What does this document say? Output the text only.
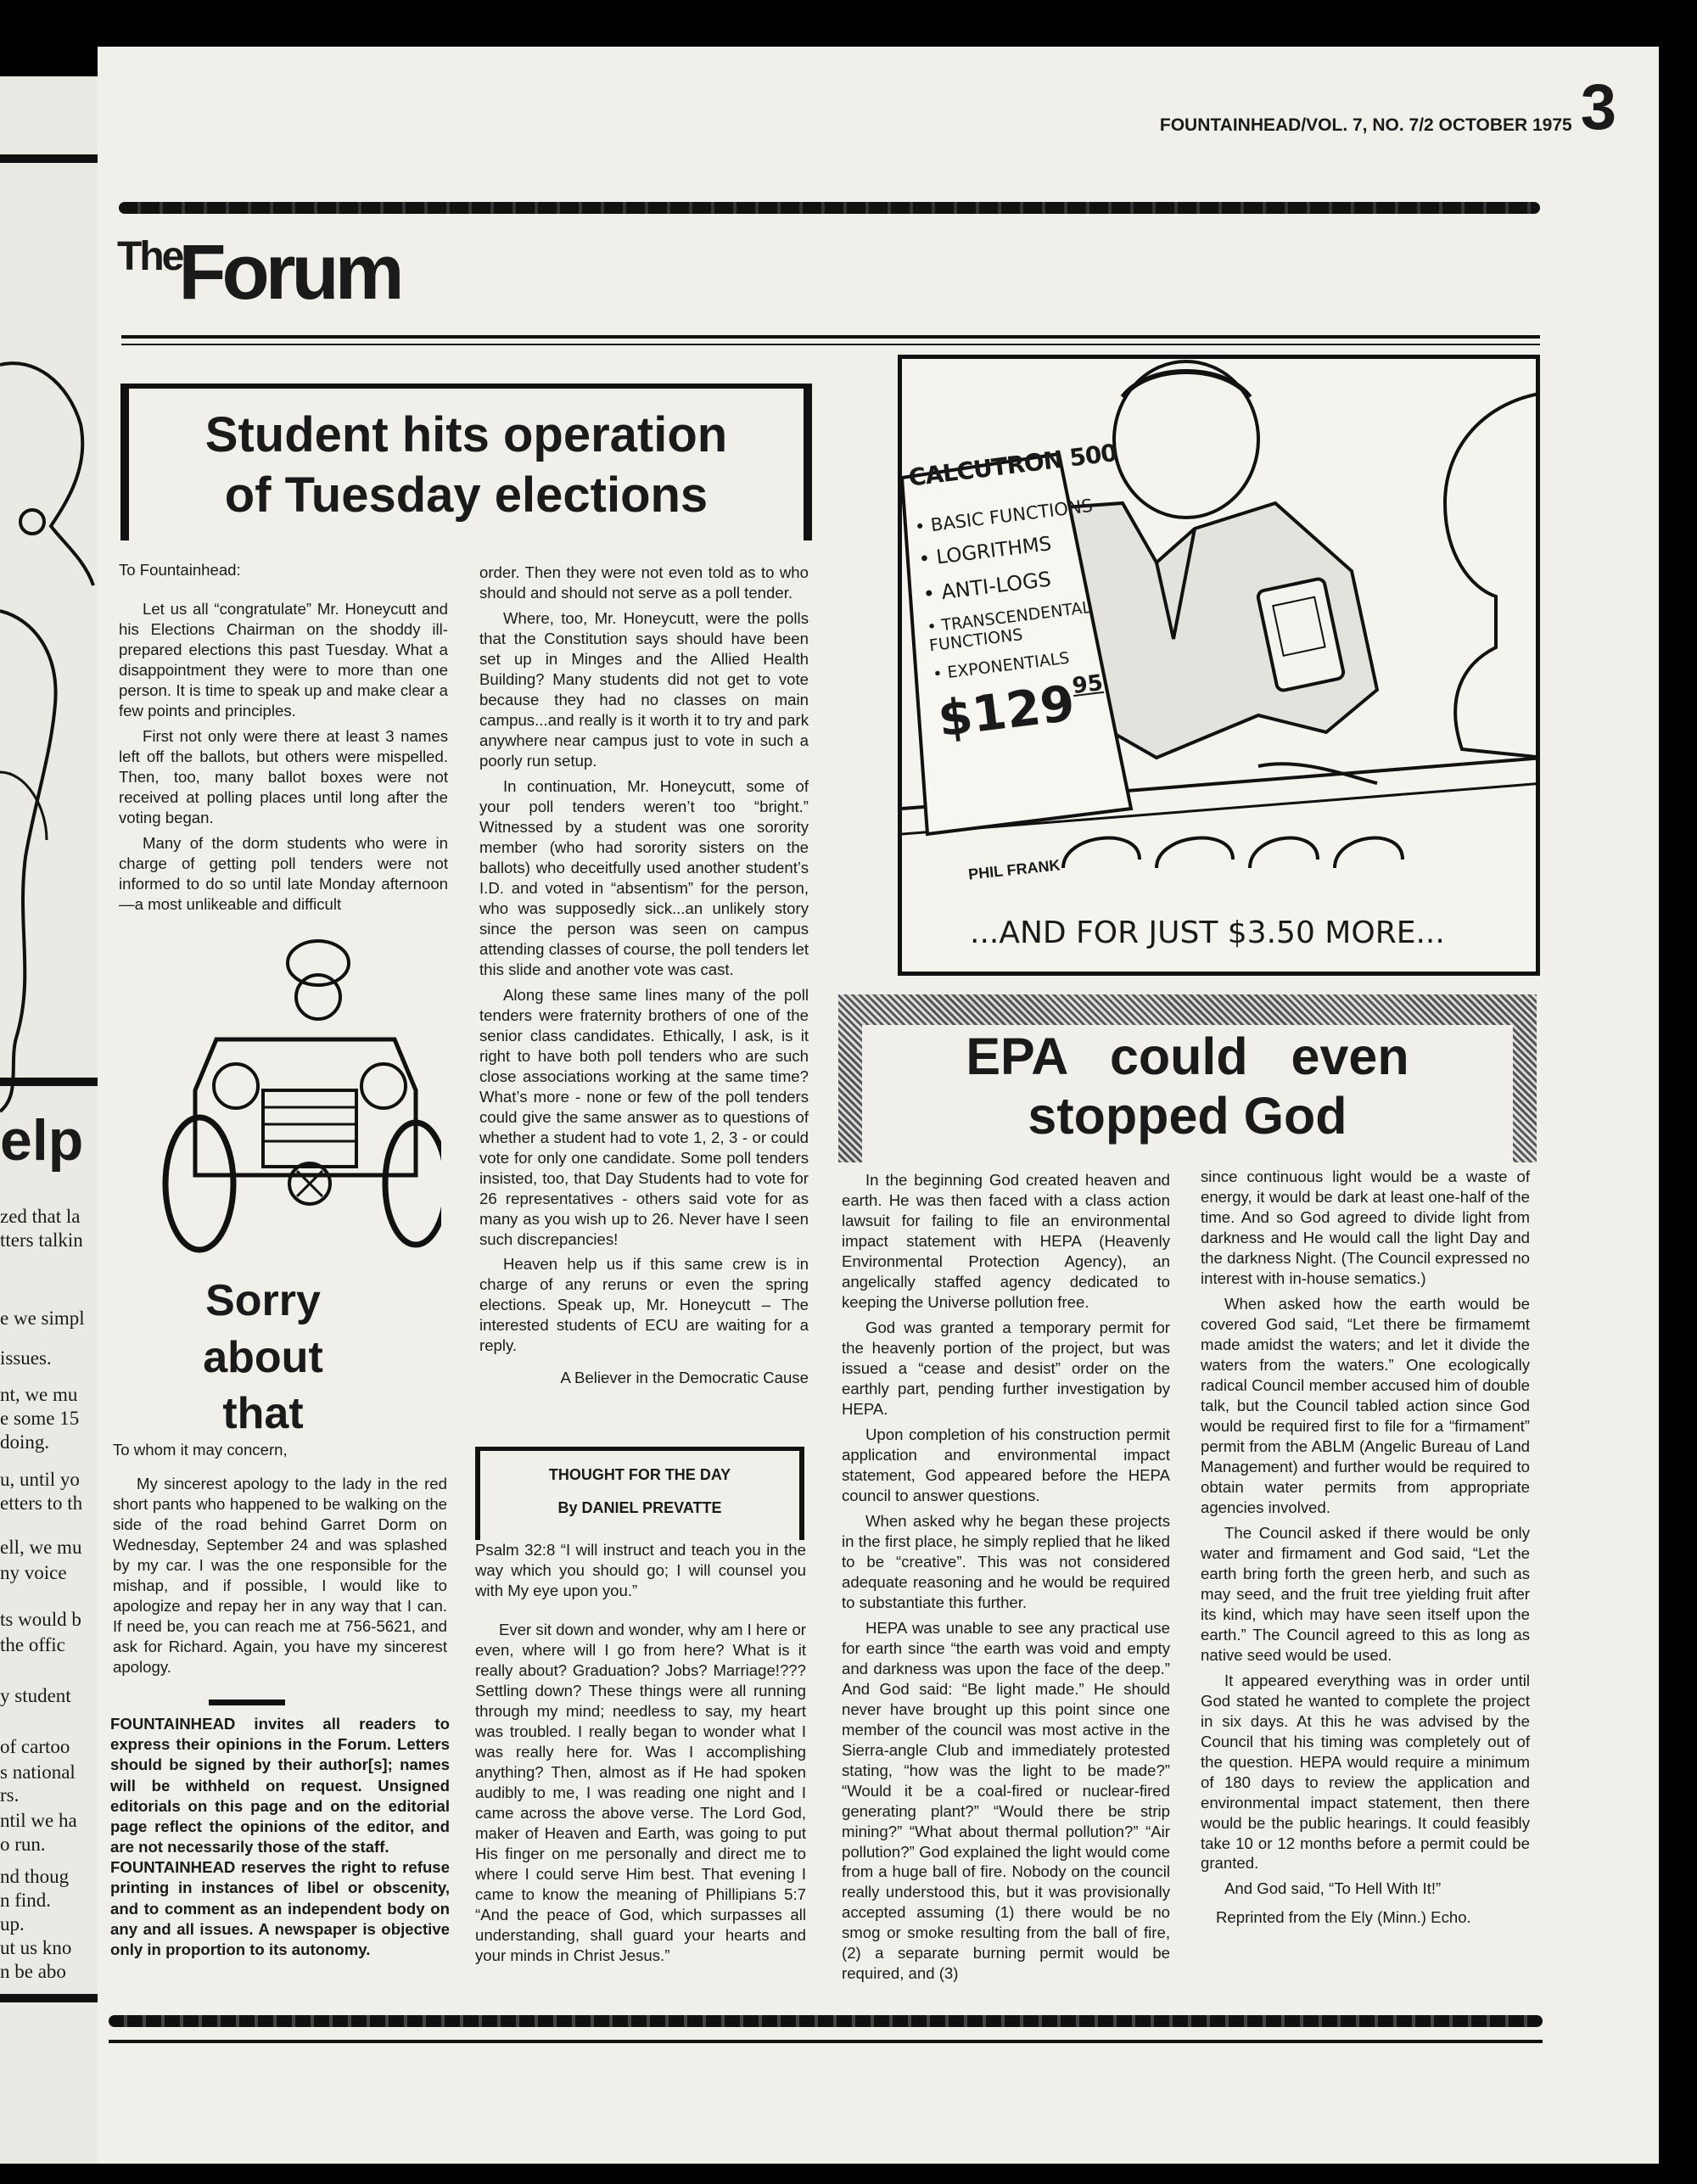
elp
zed that la
tters talkin
e we simpl
issues.
nt, we mu
e some 15
doing.
u, until yo
etters to th
ell, we mu
ny voice
ts would b
the offic
y student
of cartoo
s national
rs.
ntil we ha
o run.
nd thoug
n find.
up.
ut us kno
n be abo
FOUNTAINHEAD/VOL. 7, NO. 7/2 OCTOBER 1975 3
The
Forum
Student hits operation
of Tuesday elections

To Fountainhead:

Let us all “congratulate” Mr. Honeycutt and his Elections Chairman on the shoddy ill-prepared elections this past Tuesday. What a disappointment they were to more than one person. It is time to speak up and make clear a few points and principles.

First not only were there at least 3 names left off the ballots, but others were mispelled. Then, too, many ballot boxes were not received at polling places until long after the voting began.

Many of the dorm students who were in charge of getting poll tenders were not informed to do so until late Monday afternoon—a most unlikeable and difficult

Sorry
about
that

To whom it may concern,

My sincerest apology to the lady in the red short pants who happened to be walking on the side of the road behind Garret Dorm on Wednesday, September 24 and was splashed by my car. I was the one responsible for the mishap, and if possible, I would like to apologize and repay her in any way that I can. If need be, you can reach me at 756-5621, and ask for Richard. Again, you have my sincerest apology.

FOUNTAINHEAD invites all readers to express their opinions in the Forum. Letters should be signed by their author[s]; names will be withheld on request. Unsigned editorials on this page and on the editorial page reflect the opinions of the editor, and are not necessarily those of the staff.
FOUNTAINHEAD reserves the right to refuse printing in instances of libel or obscenity, and to comment as an independent body on any and all issues. A newspaper is objective only in proportion to its autonomy.

order. Then they were not even told as to who should and should not serve as a poll tender.

Where, too, Mr. Honeycutt, were the polls that the Constitution says should have been set up in Minges and the Allied Health Building? Many students did not get to vote because they had no classes on main campus...and really is it worth it to try and park anywhere near campus just to vote in such a poorly run setup.

In continuation, Mr. Honeycutt, some of your poll tenders weren’t too “bright.” Witnessed by a student was one sorority member (who had sorority sisters on the ballots) who deceitfully used another student’s I.D. and voted in “absentism” for the person, who was supposedly sick...an unlikely story since the person was seen on campus attending classes of course, the poll tenders let this slide and another vote was cast.

Along these same lines many of the poll tenders were fraternity brothers of one of the senior class candidates. Ethically, I ask, is it right to have both poll tenders who are such close associations working at the same time? What’s more - none or few of the poll tenders could give the same answer as to questions of whether a student had to vote 1, 2, 3 - or could vote for only one candidate. Some poll tenders insisted, too, that Day Students had to vote for 26 representatives - others said vote for as many as you wish up to 26. Never have I seen such discrepancies!

Heaven help us if this same crew is in charge of any reruns or even the spring elections. Speak up, Mr. Honeycutt – The interested students of ECU are waiting for a reply.

A Believer in the Democratic Cause

THOUGHT FOR THE DAY
By DANIEL PREVATTE

Psalm 32:8 “I will instruct and teach you in the way which you should go; I will counsel you with My eye upon you.”

Ever sit down and wonder, why am I here or even, where will I go from here? What is it really about? Graduation? Jobs? Marriage!??? Settling down? These things were all running through my mind; needless to say, my heart was troubled. I really began to wonder what I was really here for. Was I accomplishing anything? Then, almost as if He had spoken audibly to me, I was reading one night and I came across the above verse. The Lord God, maker of Heaven and Earth, was going to put His finger on me personally and direct me to where I could serve Him best. That evening I came to know the meaning of Phillipians 5:7 “And the peace of God, which surpasses all understanding, shall guard your hearts and your minds in Christ Jesus.”

CALCUTRON 500
• BASIC FUNCTIONS
• LOGRITHMS
• ANTI-LOGS
• TRANSCENDENTAL FUNCTIONS
• EXPONENTIALS
$12995
PHIL FRANK
...AND FOR JUST $3.50 MORE...
EPA could even
stopped God

In the beginning God created heaven and earth. He was then faced with a class action lawsuit for failing to file an environmental impact statement with HEPA (Heavenly Environmental Protection Agency), an angelically staffed agency dedicated to keeping the Universe pollution free.

God was granted a temporary permit for the heavenly portion of the project, but was issued a “cease and desist” order on the earthly part, pending further investigation by HEPA.

Upon completion of his construction permit application and environmental impact statement, God appeared before the HEPA council to answer questions.

When asked why he began these projects in the first place, he simply replied that he liked to be “creative”. This was not considered adequate reasoning and he would be required to substantiate this further.

HEPA was unable to see any practical use for earth since “the earth was void and empty and darkness was upon the face of the deep.” And God said: “Be light made.” He should never have brought up this point since one member of the council was most active in the Sierra-angle Club and immediately protested stating, “how was the light to be made?” “Would it be a coal-fired or nuclear-fired generating plant?” “Would there be strip mining?” “What about thermal pollution?” “Air pollution?” God explained the light would come from a huge ball of fire. Nobody on the council really understood this, but it was provisionally accepted assuming (1) there would be no smog or smoke resulting from the ball of fire, (2) a separate burning permit would be required, and (3)

since continuous light would be a waste of energy, it would be dark at least one-half of the time. And so God agreed to divide light from darkness and He would call the light Day and the darkness Night. (The Council expressed no interest with in-house sematics.)

When asked how the earth would be covered God said, “Let there be firmamemt made amidst the waters; and let it divide the waters from the waters.” One ecologically radical Council member accused him of double talk, but the Council tabled action since God would be required first to file for a “firmament” permit from the ABLM (Angelic Bureau of Land Management) and further would be required to obtain water permits from appropriate agencies involved.

The Council asked if there would be only water and firmament and God said, “Let the earth bring forth the green herb, and such as may seed, and the fruit tree yielding fruit after its kind, which may have seen itself upon the earth.” The Council agreed to this as long as native seed would be used.

It appeared everything was in order until God stated he wanted to complete the project in six days. At this he was advised by the Council that his timing was completely out of the question. HEPA would require a minimum of 180 days to review the application and environmental impact statement, then there would be the public hearings. It could feasibly take 10 or 12 months before a permit could be granted.

And God said, “To Hell With It!”

Reprinted from the Ely (Minn.) Echo.
